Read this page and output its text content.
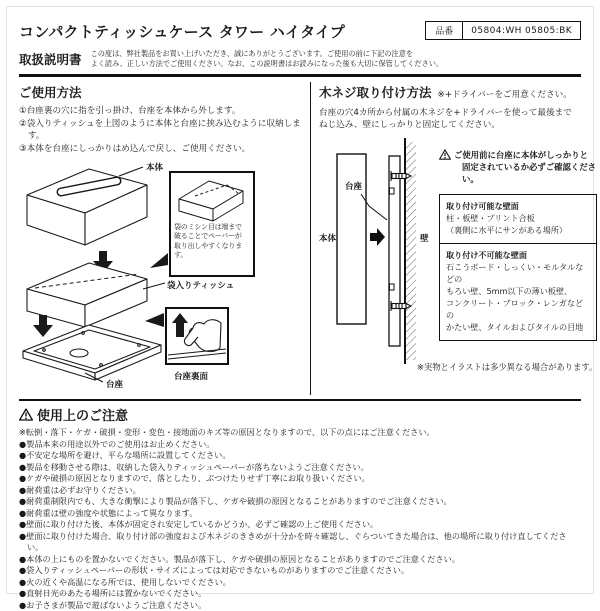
コンパクトティッシュケース タワー ハイタイプ	品番	05804:WH 05805:BK
取扱説明書 この度は、弊社製品をお買い上げいただき、誠にありがとうございます。ご使用の前に下記の注意を
よく読み、正しい方法でご使用ください。なお、この説明書はお読みになった後も大切に保管してください。
ご使用方法
①台座裏の穴に指を引っ掛け、台座を本体から外します。
②袋入りティッシュを上図のように本体と台座に挟み込むように収納します。
③本体を台座にしっかりはめ込んで戻し、ご使用ください。
本体
袋入りティッシュ
台座
袋のミシン目は端まで
破ることでペーパーが
取り出しやすくなります。
台座裏面
木ネジ取り付け方法 ※+ドライバーをご用意ください。
台座の穴4カ所から付属の木ネジを+ドライバーを使って最後まで
ねじ込み、壁にしっかりと固定してください。
本体
台座
壁
ご使用前に台座に本体がしっかりと
固定されているか必ずご確認ください。
取り付け可能な壁面
柱・板壁・プリント合板
（裏側に水平にサンがある場所）
取り付け不可能な壁面
石こうボード・しっくい・モルタルなどの
もろい壁、5mm以下の薄い板壁、
コンクリート・ブロック・レンガなどの
かたい壁、タイルおよびタイルの目地
※実物とイラストは多少異なる場合があります。
使用上のご注意
※転倒・落下・ケガ・破損・変形・変色・接地面のキズ等の原因となりますので、以下の点にはご注意ください。
●製品本来の用途以外でのご使用はお止めください。
●不安定な場所を避け、平らな場所に設置してください。
●製品を移動させる際は、収納した袋入りティッシュペーパーが落ちないようご注意ください。
●ケガや破損の原因となりますので、落としたり、ぶつけたりせず丁寧にお取り扱いください。
●耐荷重は必ずお守りください。
●耐荷重制限内でも、大きな衝撃により製品が落下し、ケガや破損の原因となることがありますのでご注意ください。
●耐荷重は壁の強度や状態によって異なります。
●壁面に取り付けた後、本体が固定され安定しているかどうか、必ずご確認の上ご使用ください。
●壁面に取り付けた場合、取り付け部の強度および木ネジのききめが十分かを時々確認し、ぐらついてきた場合は、他の場所に取り付け直してください。
●本体の上にものを置かないでください。製品が落下し、ケガや破損の原因となることがありますのでご注意ください。
●袋入りティッシュペーパーの形状・サイズによっては対応できないものがありますのでご注意ください。
●火の近くや高温になる所では、使用しないでください。
●直射日光のあたる場所には置かないでください。
●お子さまが製品で遊ばないようご注意ください。
